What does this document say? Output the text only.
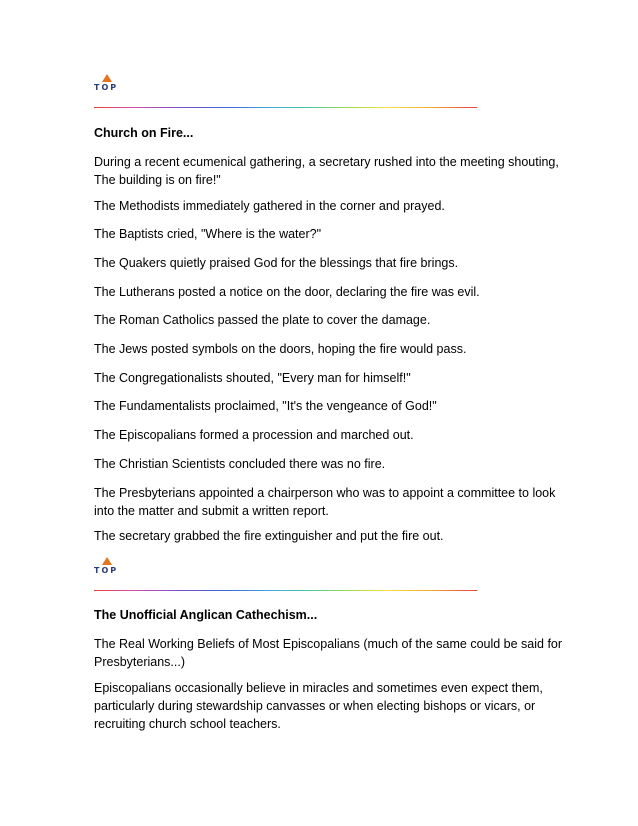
TOP

Church on Fire...

During a recent ecumenical gathering, a secretary rushed into the meeting shouting, The building is on fire!"

The Methodists immediately gathered in the corner and prayed.

The Baptists cried, "Where is the water?"

The Quakers quietly praised God for the blessings that fire brings.

The Lutherans posted a notice on the door, declaring the fire was evil.

The Roman Catholics passed the plate to cover the damage.

The Jews posted symbols on the doors, hoping the fire would pass.

The Congregationalists shouted, "Every man for himself!"

The Fundamentalists proclaimed, "It's the vengeance of God!"

The Episcopalians formed a procession and marched out.

The Christian Scientists concluded there was no fire.

The Presbyterians appointed a chairperson who was to appoint a committee to look into the matter and submit a written report.

The secretary grabbed the fire extinguisher and put the fire out.

TOP

The Unofficial Anglican Cathechism...

The Real Working Beliefs of Most Episcopalians (much of the same could be said for Presbyterians...)

Episcopalians occasionally believe in miracles and sometimes even expect them, particularly during stewardship canvasses or when electing bishops or vicars, or recruiting church school teachers.
